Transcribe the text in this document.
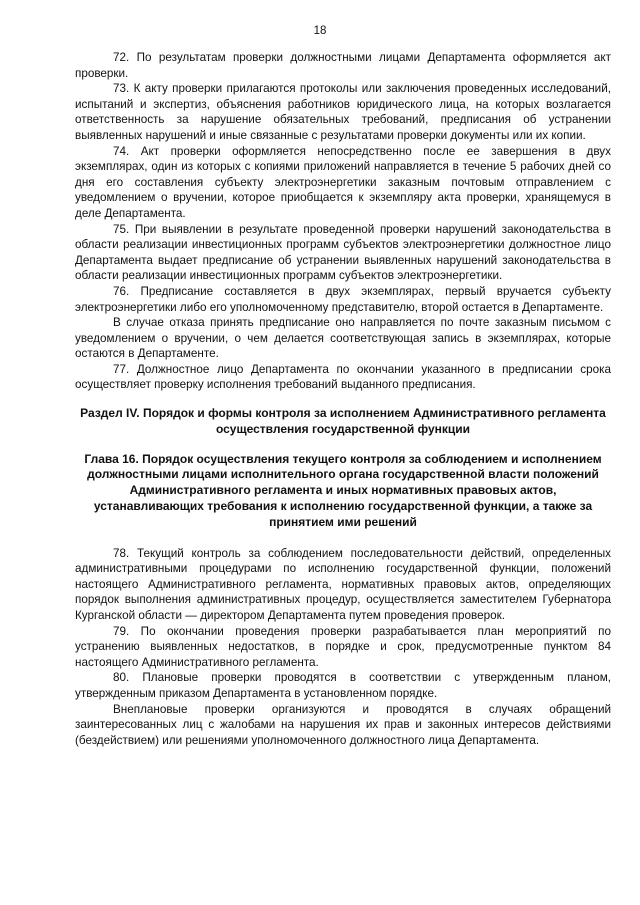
18

72. По результатам проверки должностными лицами Департамента оформляется акт проверки.

73. К акту проверки прилагаются протоколы или заключения проведенных исследований, испытаний и экспертиз, объяснения работников юридического лица, на которых возлагается ответственность за нарушение обязательных требований, предписания об устранении выявленных нарушений и иные связанные с результатами проверки документы или их копии.

74. Акт проверки оформляется непосредственно после ее завершения в двух экземплярах, один из которых с копиями приложений направляется в течение 5 рабочих дней со дня его составления субъекту электроэнергетики заказным почтовым отправлением с уведомлением о вручении, которое приобщается к экземпляру акта проверки, хранящемуся в деле Департамента.

75. При выявлении в результате проведенной проверки нарушений законодательства в области реализации инвестиционных программ субъектов электроэнергетики должностное лицо Департамента выдает предписание об устранении выявленных нарушений законодательства в области реализации инвестиционных программ субъектов электроэнергетики.

76. Предписание составляется в двух экземплярах, первый вручается субъекту электроэнергетики либо его уполномоченному представителю, второй остается в Департаменте.

В случае отказа принять предписание оно направляется по почте заказным письмом с уведомлением о вручении, о чем делается соответствующая запись в экземплярах, которые остаются в Департаменте.

77. Должностное лицо Департамента по окончании указанного в предписании срока осуществляет проверку исполнения требований выданного предписания.

Раздел IV. Порядок и формы контроля за исполнением Административного регламента осуществления государственной функции

Глава 16. Порядок осуществления текущего контроля за соблюдением и исполнением должностными лицами исполнительного органа государственной власти положений Административного регламента и иных нормативных правовых актов, устанавливающих требования к исполнению государственной функции, а также за принятием ими решений

78. Текущий контроль за соблюдением последовательности действий, определенных административными процедурами по исполнению государственной функции, положений настоящего Административного регламента, нормативных правовых актов, определяющих порядок выполнения административных процедур, осуществляется заместителем Губернатора Курганской области — директором Департамента путем проведения проверок.

79. По окончании проведения проверки разрабатывается план мероприятий по устранению выявленных недостатков, в порядке и срок, предусмотренные пунктом 84 настоящего Административного регламента.

80. Плановые проверки проводятся в соответствии с утвержденным планом, утвержденным приказом Департамента в установленном порядке.

Внеплановые проверки организуются и проводятся в случаях обращений заинтересованных лиц с жалобами на нарушения их прав и законных интересов действиями (бездействием) или решениями уполномоченного должностного лица Департамента.
